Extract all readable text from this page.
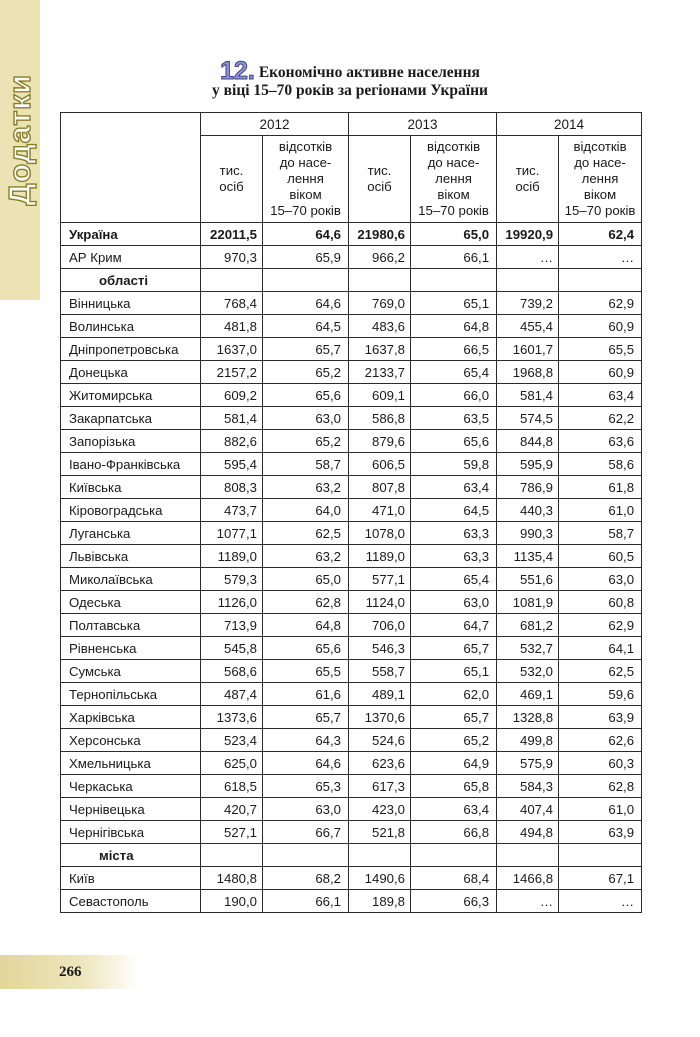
Додатки
12. Економічно активне населення
у віці 15–70 років за регіонами України
	2012		2013		2014	
	тис.
осіб	відсотків
до насе-
лення
віком
15–70 років	тис.
осіб	відсотків
до насе-
лення
віком
15–70 років	тис.
осіб	відсотків
до насе-
лення
віком
15–70 років
Україна	22011,5	64,6	21980,6	65,0	19920,9	62,4
АР Крим	970,3	65,9	966,2	66,1	…	…
області						
Вінницька	768,4	64,6	769,0	65,1	739,2	62,9
Волинська	481,8	64,5	483,6	64,8	455,4	60,9
Дніпропетровська	1637,0	65,7	1637,8	66,5	1601,7	65,5
Донецька	2157,2	65,2	2133,7	65,4	1968,8	60,9
Житомирська	609,2	65,6	609,1	66,0	581,4	63,4
Закарпатська	581,4	63,0	586,8	63,5	574,5	62,2
Запорізька	882,6	65,2	879,6	65,6	844,8	63,6
Івано-Франківська	595,4	58,7	606,5	59,8	595,9	58,6
Київська	808,3	63,2	807,8	63,4	786,9	61,8
Кіровоградська	473,7	64,0	471,0	64,5	440,3	61,0
Луганська	1077,1	62,5	1078,0	63,3	990,3	58,7
Львівська	1189,0	63,2	1189,0	63,3	1135,4	60,5
Миколаївська	579,3	65,0	577,1	65,4	551,6	63,0
Одеська	1126,0	62,8	1124,0	63,0	1081,9	60,8
Полтавська	713,9	64,8	706,0	64,7	681,2	62,9
Рівненська	545,8	65,6	546,3	65,7	532,7	64,1
Сумська	568,6	65,5	558,7	65,1	532,0	62,5
Тернопільська	487,4	61,6	489,1	62,0	469,1	59,6
Харківська	1373,6	65,7	1370,6	65,7	1328,8	63,9
Херсонська	523,4	64,3	524,6	65,2	499,8	62,6
Хмельницька	625,0	64,6	623,6	64,9	575,9	60,3
Черкаська	618,5	65,3	617,3	65,8	584,3	62,8
Чернівецька	420,7	63,0	423,0	63,4	407,4	61,0
Чернігівська	527,1	66,7	521,8	66,8	494,8	63,9
міста						
Київ	1480,8	68,2	1490,6	68,4	1466,8	67,1
Севастополь	190,0	66,1	189,8	66,3	…	…
266
